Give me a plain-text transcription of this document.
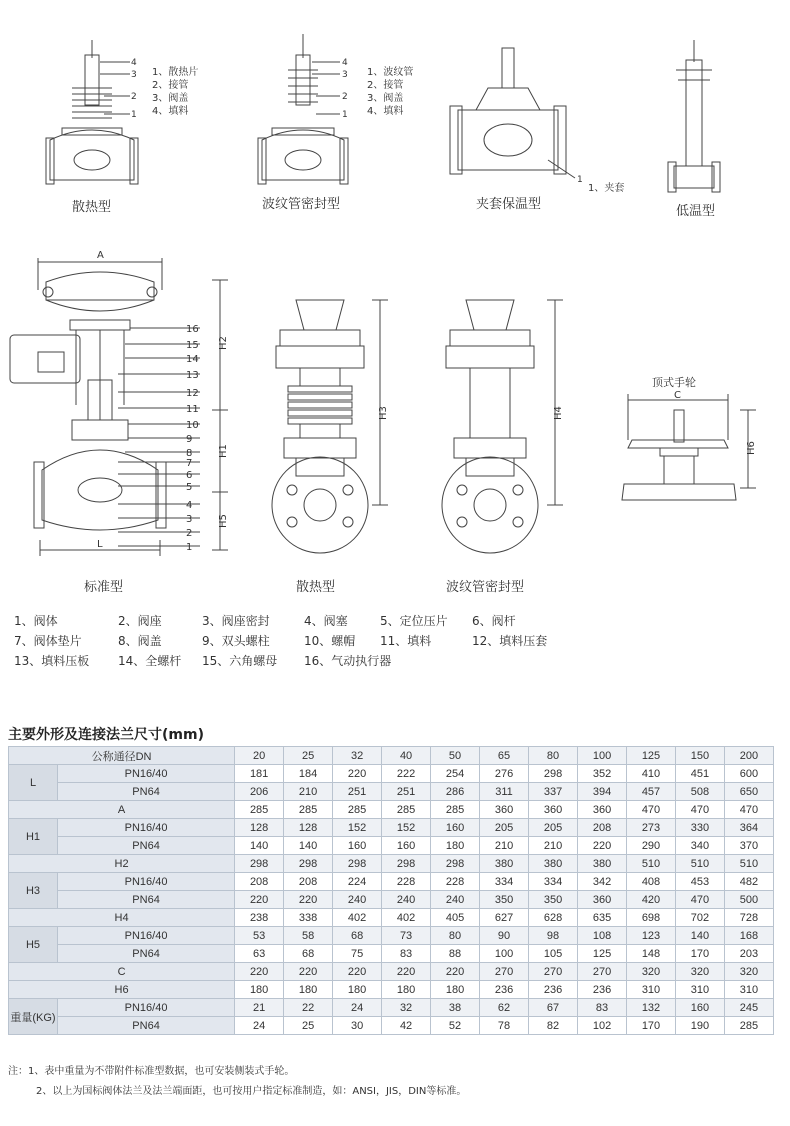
A
L
H2
H1
H5
H3	H4
C
H6
16
15
14
13
12
11
10
9
8
7
6
5
4
3
2
1
4
3
2
1
4
3
2
1
1
1、散热片
2、接管
3、阀盖
4、填料
1、波纹管
2、接管
3、阀盖
4、填料
1、夹套
散热型	波纹管密封型	夹套保温型	低温型
标准型	散热型	波纹管密封型
顶式手轮
1、阀体	2、阀座	3、阀座密封	4、阀塞	5、定位压片 6、阀杆
7、阀体垫片	8、阀盖	9、双头螺柱	10、螺帽 11、填料	12、填料压套
13、填料压板 14、全螺杆 15、六角螺母 16、气动执行器
主要外形及连接法兰尺寸(mm)
公称通径DN		20	25	32	40	50	65	80	100	125	150	200
L	PN16/40	181	184	220	222	254	276	298	352	410	451	600
	PN64	206	210	251	251	286	311	337	394	457	508	650
A		285	285	285	285	285	360	360	360	470	470	470
H1	PN16/40	128	128	152	152	160	205	205	208	273	330	364
	PN64	140	140	160	160	180	210	210	220	290	340	370
H2		298	298	298	298	298	380	380	380	510	510	510
H3	PN16/40	208	208	224	228	228	334	334	342	408	453	482
	PN64	220	220	240	240	240	350	350	360	420	470	500
H4		238	338	402	402	405	627	628	635	698	702	728
H5	PN16/40	53	58	68	73	80	90	98	108	123	140	168
	PN64	63	68	75	83	88	100	105	125	148	170	203
C		220	220	220	220	220	270	270	270	320	320	320
H6		180	180	180	180	180	236	236	236	310	310	310
重量(KG)	PN16/40	21	22	24	32	38	62	67	83	132	160	245
	PN64	24	25	30	42	52	78	82	102	170	190	285
注：1、表中重量为不带附件标准型数据，也可安装侧装式手轮。
2、以上为国标阀体法兰及法兰端面距，也可按用户指定标准制造，如：ANSI，JIS，DIN等标准。
